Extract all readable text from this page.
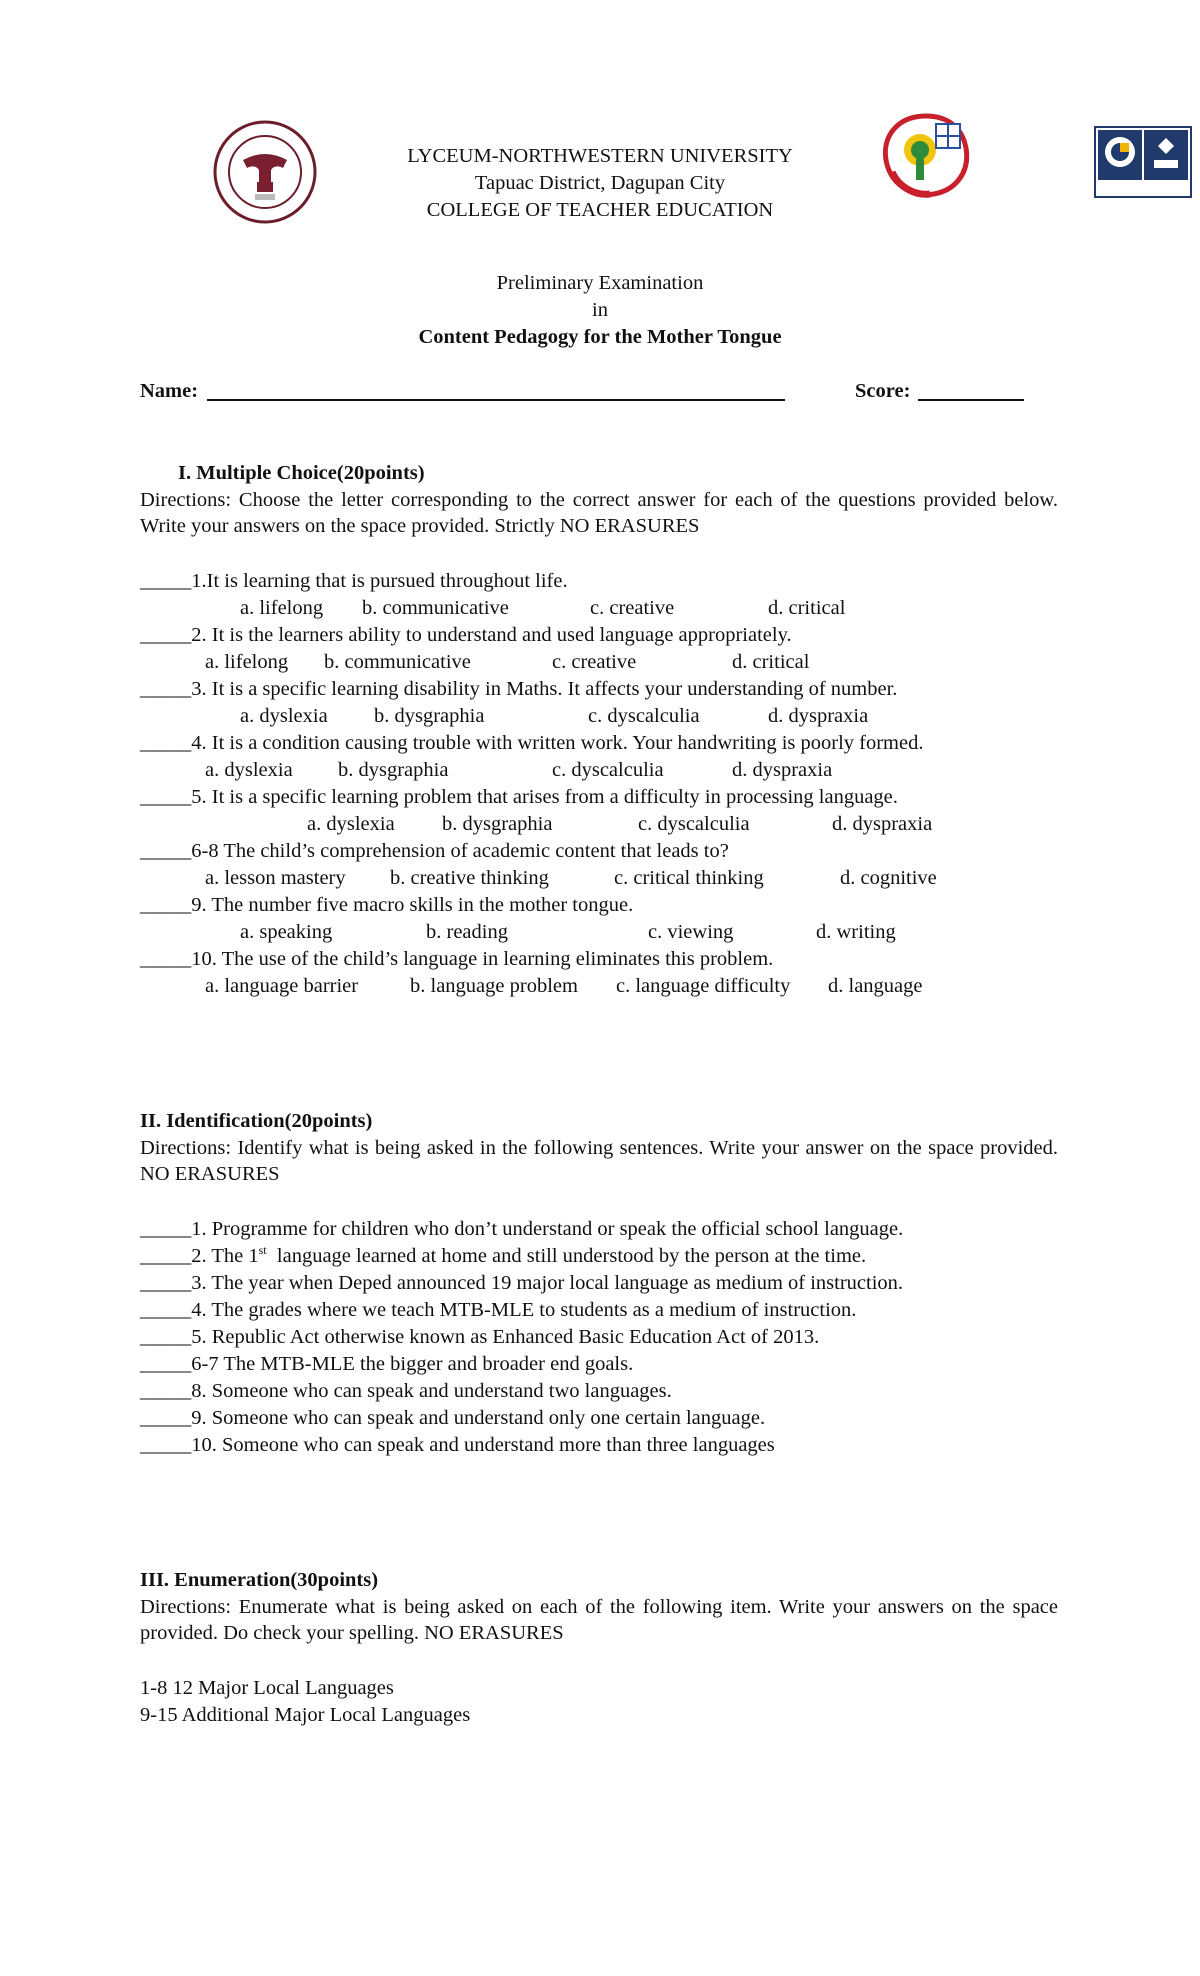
LYCEUM-NORTHWESTERN UNIVERSITY
Tapuac District, Dagupan City
COLLEGE OF TEACHER EDUCATION
Preliminary Examination
in
Content Pedagogy for the Mother Tongue
Name:	Score:
I. Multiple Choice(20points)
Directions: Choose the letter corresponding to the correct answer for each of the questions provided below. Write your answers on the space provided. Strictly NO ERASURES
_____1.It is learning that is pursued throughout life.
a. lifelong b. communicative	c. creative	d. critical
_____2. It is the learners ability to understand and used language appropriately.
a. lifelong b. communicative	c. creative	d. critical
_____3. It is a specific learning disability in Maths. It affects your understanding of number.
a. dyslexia b. dysgraphia	c. dyscalculia	d. dyspraxia
_____4. It is a condition causing trouble with written work. Your handwriting is poorly formed.
a. dyslexia b. dysgraphia	c. dyscalculia	d. dyspraxia
_____5. It is a specific learning problem that arises from a difficulty in processing language.
a. dyslexia b. dysgraphia	c. dyscalculia	d. dyspraxia
_____6-8 The child’s comprehension of academic content that leads to?
a. lesson mastery b. creative thinking	c. critical thinking	d. cognitive
_____9. The number five macro skills in the mother tongue.
a. speaking	b. reading	c. viewing	d. writing
_____10. The use of the child’s language in learning eliminates this problem.
a. language barrier	b. language problem c. language difficulty d. language
II. Identification(20points)
Directions: Identify what is being asked in the following sentences. Write your answer on the space provided. NO ERASURES
_____1. Programme for children who don’t understand or speak the official school language.
_____2. The 1st  language learned at home and still understood by the person at the time.
_____3. The year when Deped announced 19 major local language as medium of instruction.
_____4. The grades where we teach MTB-MLE to students as a medium of instruction.
_____5. Republic Act otherwise known as Enhanced Basic Education Act of 2013.
_____6-7 The MTB-MLE the bigger and broader end goals.
_____8. Someone who can speak and understand two languages.
_____9. Someone who can speak and understand only one certain language.
_____10. Someone who can speak and understand more than three languages
III. Enumeration(30points)
Directions: Enumerate what is being asked on each of the following item. Write your answers on the space provided. Do check your spelling. NO ERASURES
1-8 12 Major Local Languages
9-15 Additional Major Local Languages
